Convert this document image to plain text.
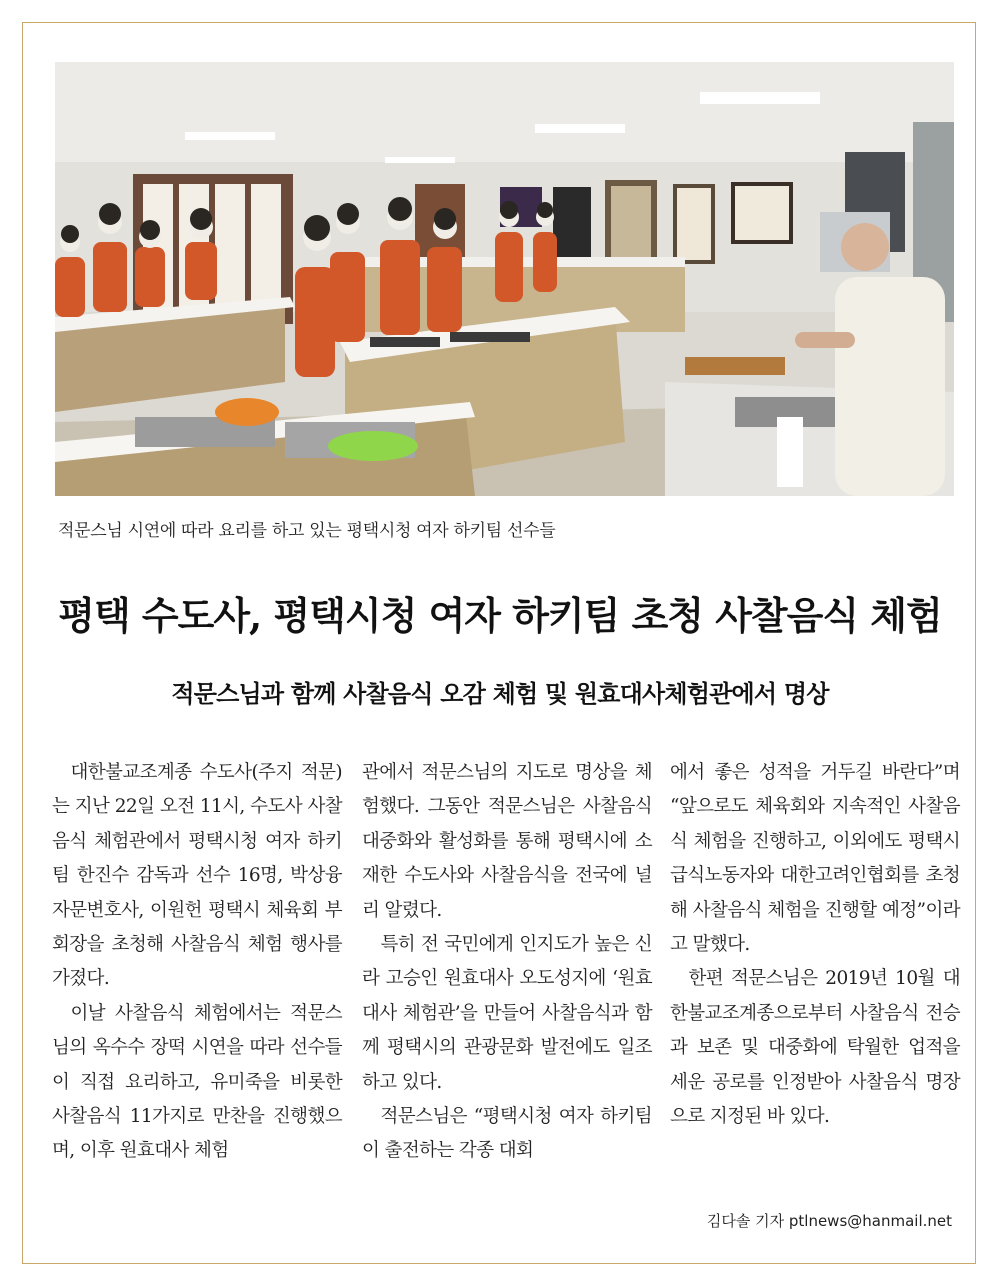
적문스님 시연에 따라 요리를 하고 있는 평택시청 여자 하키팀 선수들
평택 수도사, 평택시청 여자 하키팀 초청 사찰음식 체험
적문스님과 함께 사찰음식 오감 체험 및 원효대사체험관에서 명상

대한불교조계종 수도사(주지 적문)는 지난 22일 오전 11시, 수도사 사찰음식 체험관에서 평택시청 여자 하키팀 한진수 감독과 선수 16명, 박상융 자문변호사, 이원헌 평택시 체육회 부회장을 초청해 사찰음식 체험 행사를 가졌다.

이날 사찰음식 체험에서는 적문스님의 옥수수 장떡 시연을 따라 선수들이 직접 요리하고, 유미죽을 비롯한 사찰음식 11가지로 만찬을 진행했으며, 이후 원효대사 체험

관에서 적문스님의 지도로 명상을 체험했다. 그동안 적문스님은 사찰음식 대중화와 활성화를 통해 평택시에 소재한 수도사와 사찰음식을 전국에 널리 알렸다.

특히 전 국민에게 인지도가 높은 신라 고승인 원효대사 오도성지에 ‘원효대사 체험관’을 만들어 사찰음식과 함께 평택시의 관광문화 발전에도 일조하고 있다.

적문스님은 “평택시청 여자 하키팀이 출전하는 각종 대회

에서 좋은 성적을 거두길 바란다”며 “앞으로도 체육회와 지속적인 사찰음식 체험을 진행하고, 이외에도 평택시 급식노동자와 대한고려인협회를 초청해 사찰음식 체험을 진행할 예정”이라고 말했다.

한편 적문스님은 2019년 10월 대한불교조계종으로부터 사찰음식 전승과 보존 및 대중화에 탁월한 업적을 세운 공로를 인정받아 사찰음식 명장으로 지정된 바 있다.

김다솔 기자 ptlnews@hanmail.net
